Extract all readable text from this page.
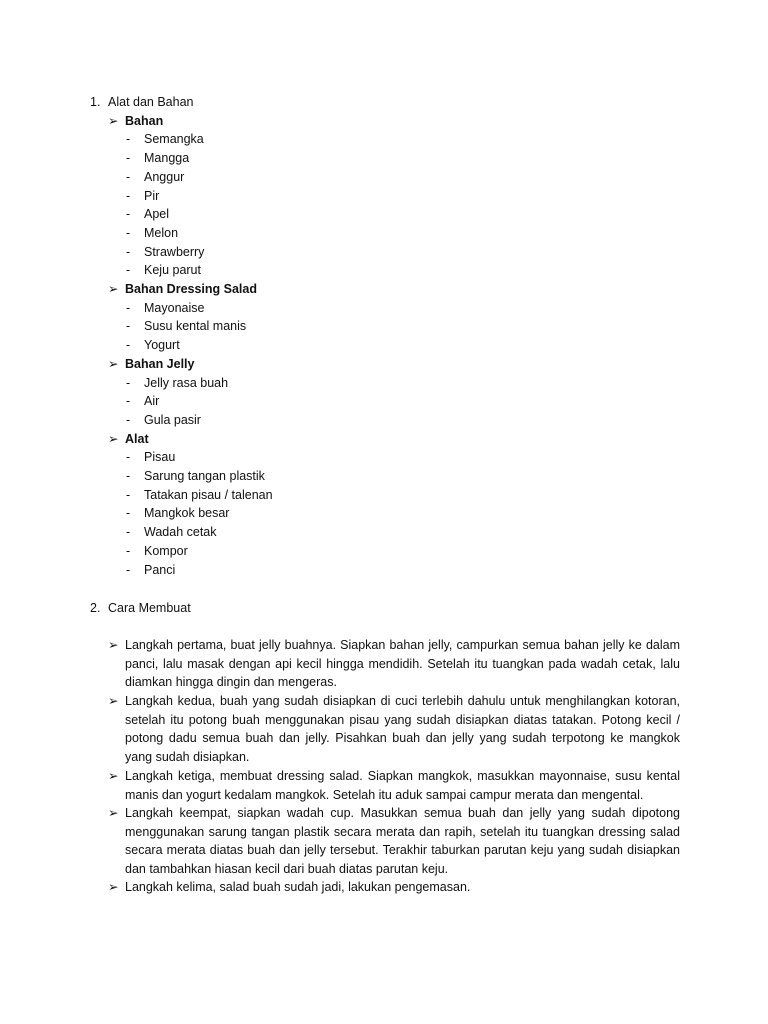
1. Alat dan Bahan
➢ Bahan
- Semangka
- Mangga
- Anggur
- Pir
- Apel
- Melon
- Strawberry
- Keju parut
➢ Bahan Dressing Salad
- Mayonaise
- Susu kental manis
- Yogurt
➢ Bahan Jelly
- Jelly rasa buah
- Air
- Gula pasir
➢ Alat
- Pisau
- Sarung tangan plastik
- Tatakan pisau / talenan
- Mangkok besar
- Wadah cetak
- Kompor
- Panci
2. Cara Membuat
➢ Langkah pertama, buat jelly buahnya. Siapkan bahan jelly, campurkan semua bahan jelly ke dalam panci, lalu masak dengan api kecil hingga mendidih. Setelah itu tuangkan pada wadah cetak, lalu diamkan hingga dingin dan mengeras.
➢ Langkah kedua, buah yang sudah disiapkan di cuci terlebih dahulu untuk menghilangkan kotoran, setelah itu potong buah menggunakan pisau yang sudah disiapkan diatas tatakan. Potong kecil / potong dadu semua buah dan jelly. Pisahkan buah dan jelly yang sudah terpotong ke mangkok yang sudah disiapkan.
➢ Langkah ketiga, membuat dressing salad. Siapkan mangkok, masukkan mayonnaise, susu kental manis dan yogurt kedalam mangkok. Setelah itu aduk sampai campur merata dan mengental.
➢ Langkah keempat, siapkan wadah cup. Masukkan semua buah dan jelly yang sudah dipotong menggunakan sarung tangan plastik secara merata dan rapih, setelah itu tuangkan dressing salad secara merata diatas buah dan jelly tersebut. Terakhir taburkan parutan keju yang sudah disiapkan dan tambahkan hiasan kecil dari buah diatas parutan keju.
➢ Langkah kelima, salad buah sudah jadi, lakukan pengemasan.
